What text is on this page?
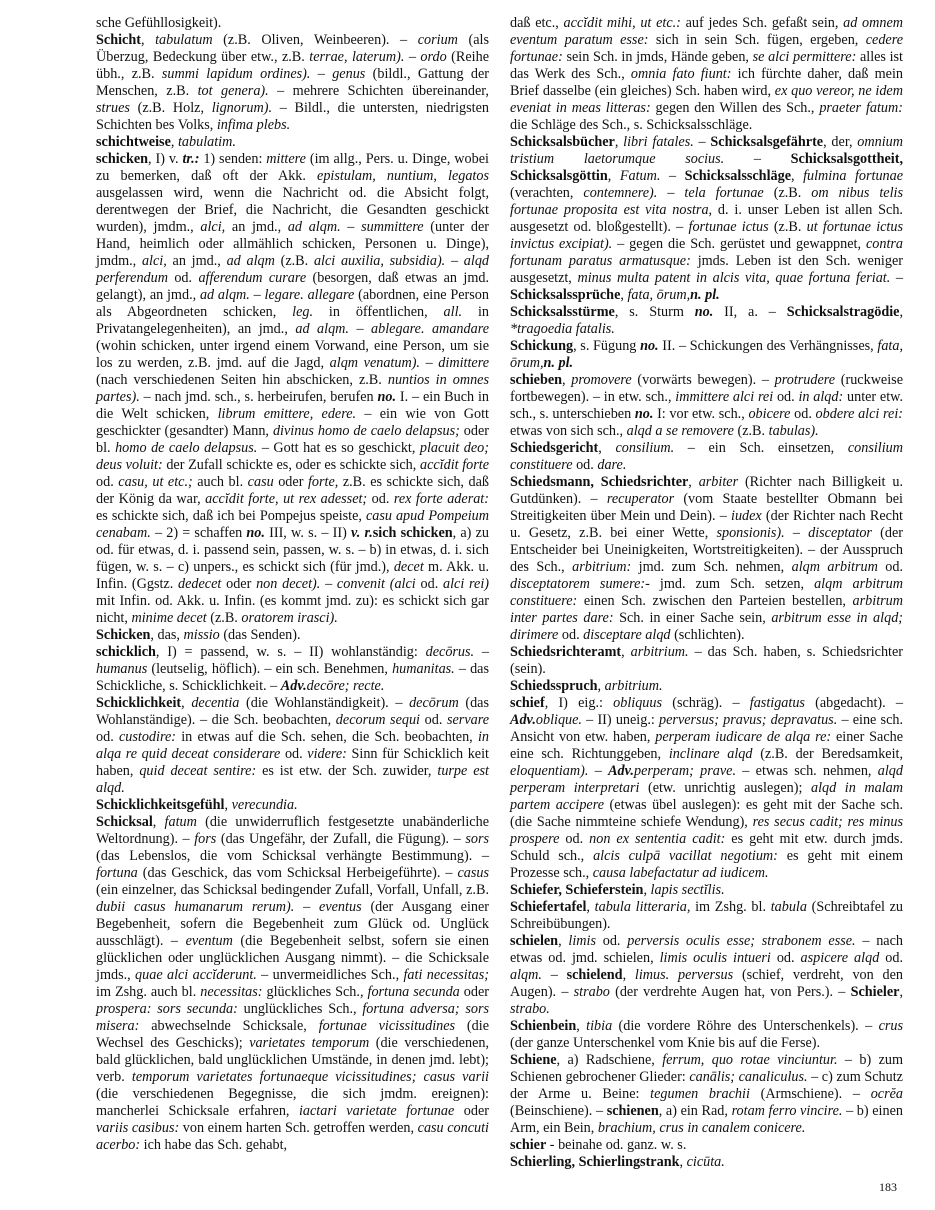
sche Gefühllosigkeit).

Schicht, tabulatum (z.B. Oliven, Weinbeeren). – corium (als Überzug, Bedeckung über etw., z.B. terrae, laterum). – ordo (Reihe übh., z.B. summi lapidum ordines). – genus (bildl., Gattung der Menschen, z.B. tot genera). – mehrere Schichten übereinander, strues (z.B. Holz, lignorum). – Bildl., die untersten, niedrigsten Schichten bes Volks, infima plebs.

schichtweise, tabulatim.

schicken, I) v. tr.: 1) senden: mittere (im allg., Pers. u. Dinge, wobei zu bemerken, daß oft der Akk. epistulam, nuntium, legatos ausgelassen wird, wenn die Nachricht od. die Absicht folgt, derentwegen der Brief, die Nachricht, die Gesandten geschickt wurden), jmdm., alci, an jmd., ad alqm. – summittere (unter der Hand, heimlich oder allmählich schicken, Personen u. Dinge), jmdm., alci, an jmd., ad alqm (z.B. alci auxilia, subsidia). – alqd perferendum od. afferendum curare (besorgen, daß etwas an jmd. gelangt), an jmd., ad alqm. – legare. allegare (abordnen, eine Person als Abgeordneten schicken, leg. in öffentlichen, all. in Privatangelegenheiten), an jmd., ad alqm. – ablegare. amandare (wohin schicken, unter irgend einem Vorwand, eine Person, um sie los zu werden, z.B. jmd. auf die Jagd, alqm venatum). – dimittere (nach verschiedenen Seiten hin abschicken, z.B. nuntios in omnes partes). – nach jmd. sch., s. herbeirufen, berufen no. I. – ein Buch in die Welt schicken, librum emittere, edere. – ein wie von Gott geschickter (gesandter) Mann, divinus homo de caelo delapsus; oder bl. homo de caelo delapsus. – Gott hat es so geschickt, placuit deo; deus voluit: der Zufall schickte es, oder es schickte sich, accĭdit forte od. casu, ut etc.; auch bl. casu oder forte, z.B. es schickte sich, daß der König da war, accĭdit forte, ut rex adesset; od. rex forte aderat: es schickte sich, daß ich bei Pompejus speiste, casu apud Pompeium cenabam. – 2) = schaffen no. III, w. s. – II) v. r.sich schicken, a) zu od. für etwas, d. i. passend sein, passen, w. s. – b) in etwas, d. i. sich fügen, w. s. – c) unpers., es schickt sich (für jmd.), decet m. Akk. u. Infin. (Ggstz. dedecet oder non decet). – convenit (alci od. alci rei) mit Infin. od. Akk. u. Infin. (es kommt jmd. zu): es schickt sich gar nicht, minime decet (z.B. oratorem irasci).

Schicken, das, missio (das Senden).

schicklich, I) = passend, w. s. – II) wohlanständig: decōrus. – humanus (leutselig, höflich). – ein sch. Benehmen, humanitas. – das Schickliche, s. Schicklichkeit. – Adv.decōre; recte.

Schicklichkeit, decentia (die Wohlanständigkeit). – decōrum (das Wohlanständige). – die Sch. beobachten, decorum sequi od. servare od. custodire: in etwas auf die Sch. sehen, die Sch. beobachten, in alqa re quid deceat considerare od. videre: Sinn für Schicklich keit haben, quid deceat sentire: es ist etw. der Sch. zuwider, turpe est alqd.

Schicklichkeitsgefühl, verecundia.

Schicksal, fatum (die unwiderruflich festgesetzte unabänderliche Weltordnung). – fors (das Ungefähr, der Zufall, die Fügung). – sors (das Lebenslos, die vom Schicksal verhängte Bestimmung). – fortuna (das Geschick, das vom Schicksal Herbeigeführte). – casus (ein einzelner, das Schicksal bedingender Zufall, Vorfall, Unfall, z.B. dubii casus humanarum rerum). – eventus (der Ausgang einer Begebenheit, sofern die Begebenheit zum Glück od. Unglück ausschlägt). – eventum (die Begebenheit selbst, sofern sie einen glücklichen oder unglücklichen Ausgang nimmt). – die Schicksale jmds., quae alci accĭderunt. – unvermeidliches Sch., fati necessitas; im Zshg. auch bl. necessitas: glückliches Sch., fortuna secunda oder prospera: sors secunda: unglückliches Sch., fortuna adversa; sors misera: abwechselnde Schicksale, fortunae vicissitudines (die Wechsel des Geschicks); varietates temporum (die verschiedenen, bald glücklichen, bald unglücklichen Umstände, in denen jmd. lebt); verb. temporum varietates fortunaeque vicissitudines; casus varii (die verschiedenen Begegnisse, die sich jmdm. ereignen): mancherlei Schicksale erfahren, iactari varietate fortunae oder variis casibus: von einem harten Sch. getroffen werden, casu concuti acerbo: ich habe das Sch. gehabt,

daß etc., accĭdit mihi, ut etc.: auf jedes Sch. gefaßt sein, ad omnem eventum paratum esse: sich in sein Sch. fügen, ergeben, cedere fortunae: sein Sch. in jmds, Hände geben, se alci permittere: alles ist das Werk des Sch., omnia fato fiunt: ich fürchte daher, daß mein Brief dasselbe (ein gleiches) Sch. haben wird, ex quo vereor, ne idem eveniat in meas litteras: gegen den Willen des Sch., praeter fatum: die Schläge des Sch., s. Schicksalsschläge.

Schicksalsbücher, libri fatales. – Schicksalsgefährte, der, omnium tristium laetorumque socius. – Schicksalsgottheit, Schicksalsgöttin, Fatum. – Schicksalsschläge, fulmina fortunae (verachten, contemnere). – tela fortunae (z.B. om nibus telis fortunae proposita est vita nostra, d. i. unser Leben ist allen Sch. ausgesetzt od. bloßgestellt). – fortunae ictus (z.B. ut fortunae ictus invictus excipiat). – gegen die Sch. gerüstet und gewappnet, contra fortunam paratus armatusque: jmds. Leben ist den Sch. weniger ausgesetzt, minus multa patent in alcis vita, quae fortuna feriat. – Schicksalssprüche, fata, ōrum,n. pl.

Schicksalsstürme, s. Sturm no. II, a. – Schicksalstragödie, *tragoedia fatalis.

Schickung, s. Fügung no. II. – Schickungen des Verhängnisses, fata, ōrum,n. pl.

schieben, promovere (vorwärts bewegen). – protrudere (ruckweise fortbewegen). – in etw. sch., immittere alci rei od. in alqd: unter etw. sch., s. unterschieben no. I: vor etw. sch., obicere od. obdere alci rei: etwas von sich sch., alqd a se removere (z.B. tabulas).

Schiedsgericht, consilium. – ein Sch. einsetzen, consilium constituere od. dare.

Schiedsmann, Schiedsrichter, arbiter (Richter nach Billigkeit u. Gutdünken). – recuperator (vom Staate bestellter Obmann bei Streitigkeiten über Mein und Dein). – iudex (der Richter nach Recht u. Gesetz, z.B. bei einer Wette, sponsionis). – disceptator (der Entscheider bei Uneinigkeiten, Wortstreitigkeiten). – der Ausspruch des Sch., arbitrium: jmd. zum Sch. nehmen, alqm arbitrum od. disceptatorem sumere:- jmd. zum Sch. setzen, alqm arbitrum constituere: einen Sch. zwischen den Parteien bestellen, arbitrum inter partes dare: Sch. in einer Sache sein, arbitrum esse in alqd; dirimere od. disceptare alqd (schlichten).

Schiedsrichteramt, arbitrium. – das Sch. haben, s. Schiedsrichter (sein).

Schiedsspruch, arbitrium.

schief, I) eig.: obliquus (schräg). – fastigatus (abgedacht). – Adv.oblique. – II) uneig.: perversus; pravus; depravatus. – eine sch. Ansicht von etw. haben, perperam iudicare de alqa re: einer Sache eine sch. Richtunggeben, inclinare alqd (z.B. der Beredsamkeit, eloquentiam). – Adv.perperam; prave. – etwas sch. nehmen, alqd perperam interpretari (etw. unrichtig auslegen); alqd in malam partem accipere (etwas übel auslegen): es geht mit der Sache sch. (die Sache nimmteine schiefe Wendung), res secus cadit; res minus prospere od. non ex sententia cadit: es geht mit etw. durch jmds. Schuld sch., alcis culpā vacillat negotium: es geht mit einem Prozesse sch., causa labefactatur ad iudicem.

Schiefer, Schieferstein, lapis sectĭlis.

Schiefertafel, tabula litteraria, im Zshg. bl. tabula (Schreibtafel zu Schreibübungen).

schielen, limis od. perversis oculis esse; strabonem esse. – nach etwas od. jmd. schielen, limis oculis intueri od. aspicere alqd od. alqm. – schielend, limus. perversus (schief, verdreht, von den Augen). – strabo (der verdrehte Augen hat, von Pers.). – Schieler, strabo.

Schienbein, tibia (die vordere Röhre des Unterschenkels). – crus (der ganze Unterschenkel vom Knie bis auf die Ferse).

Schiene, a) Radschiene, ferrum, quo rotae vinciuntur. – b) zum Schienen gebrochener Glieder: canālis; canaliculus. – c) zum Schutz der Arme u. Beine: tegumen brachii (Armschiene). – ocrĕa (Beinschiene). – schienen, a) ein Rad, rotam ferro vincire. – b) einen Arm, ein Bein, brachium, crus in canalem conicere.

schier - beinahe od. ganz. w. s.

Schierling, Schierlingstrank, cicūta.

183
